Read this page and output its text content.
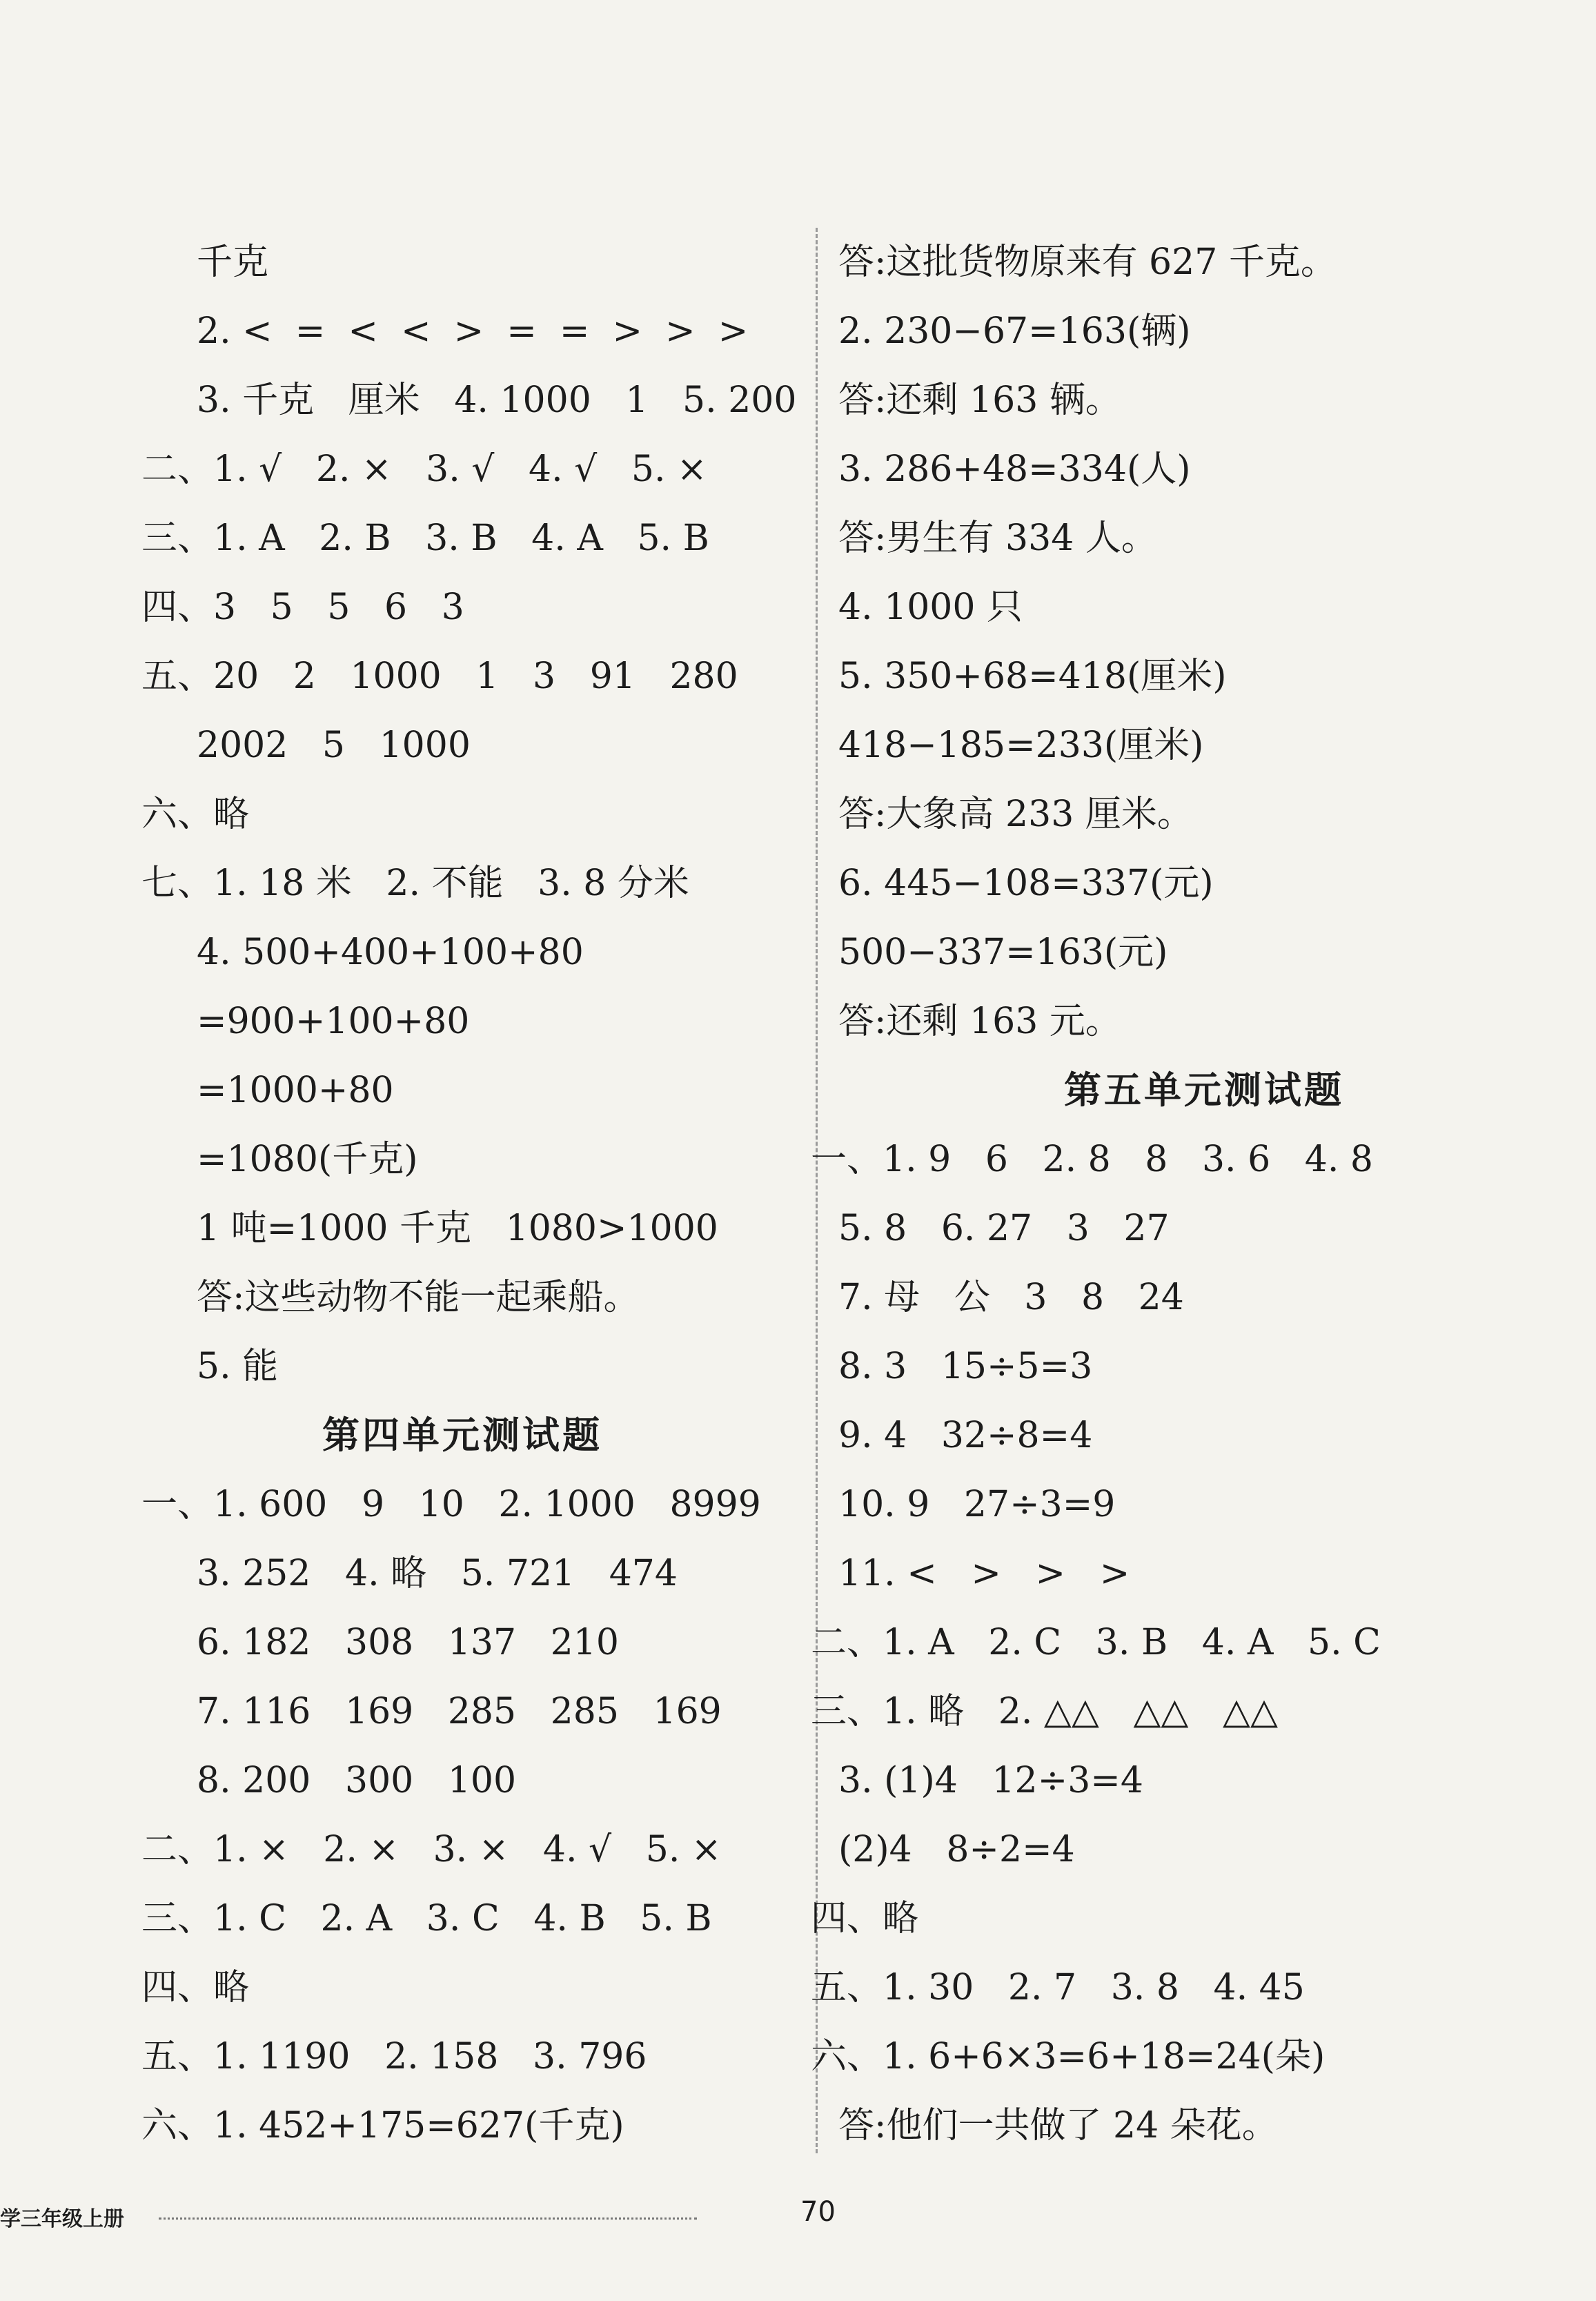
千克
2. <  =  <  <  >  =  =  >  >  >
3. 千克   厘米   4. 1000   1   5. 200
二、1. √   2. ×   3. √   4. √   5. ×
三、1. A   2. B   3. B   4. A   5. B
四、3   5   5   6   3
五、20   2   1000   1   3   91   280
2002   5   1000
六、略
七、1. 18 米   2. 不能   3. 8 分米
4. 500+400+100+80
=900+100+80
=1000+80
=1080(千克)
1 吨=1000 千克   1080>1000
答:这些动物不能一起乘船。
5. 能
第四单元测试题
一、1. 600   9   10   2. 1000   8999
3. 252   4. 略   5. 721   474
6. 182   308   137   210
7. 116   169   285   285   169
8. 200   300   100
二、1. ×   2. ×   3. ×   4. √   5. ×
三、1. C   2. A   3. C   4. B   5. B
四、略
五、1. 1190   2. 158   3. 796
六、1. 452+175=627(千克)
答:这批货物原来有 627 千克。
2. 230−67=163(辆)
答:还剩 163 辆。
3. 286+48=334(人)
答:男生有 334 人。
4. 1000 只
5. 350+68=418(厘米)
418−185=233(厘米)
答:大象高 233 厘米。
6. 445−108=337(元)
500−337=163(元)
答:还剩 163 元。
第五单元测试题
一、1. 9   6   2. 8   8   3. 6   4. 8
5. 8   6. 27   3   27
7. 母   公   3   8   24
8. 3   15÷5=3
9. 4   32÷8=4
10. 9   27÷3=9
11. <   >   >   >
二、1. A   2. C   3. B   4. A   5. C
三、1. 略   2. △△   △△   △△
3. (1)4   12÷3=4
(2)4   8÷2=4
四、略
五、1. 30   2. 7   3. 8   4. 45
六、1. 6+6×3=6+18=24(朵)
答:他们一共做了 24 朵花。
学三年级上册	70
